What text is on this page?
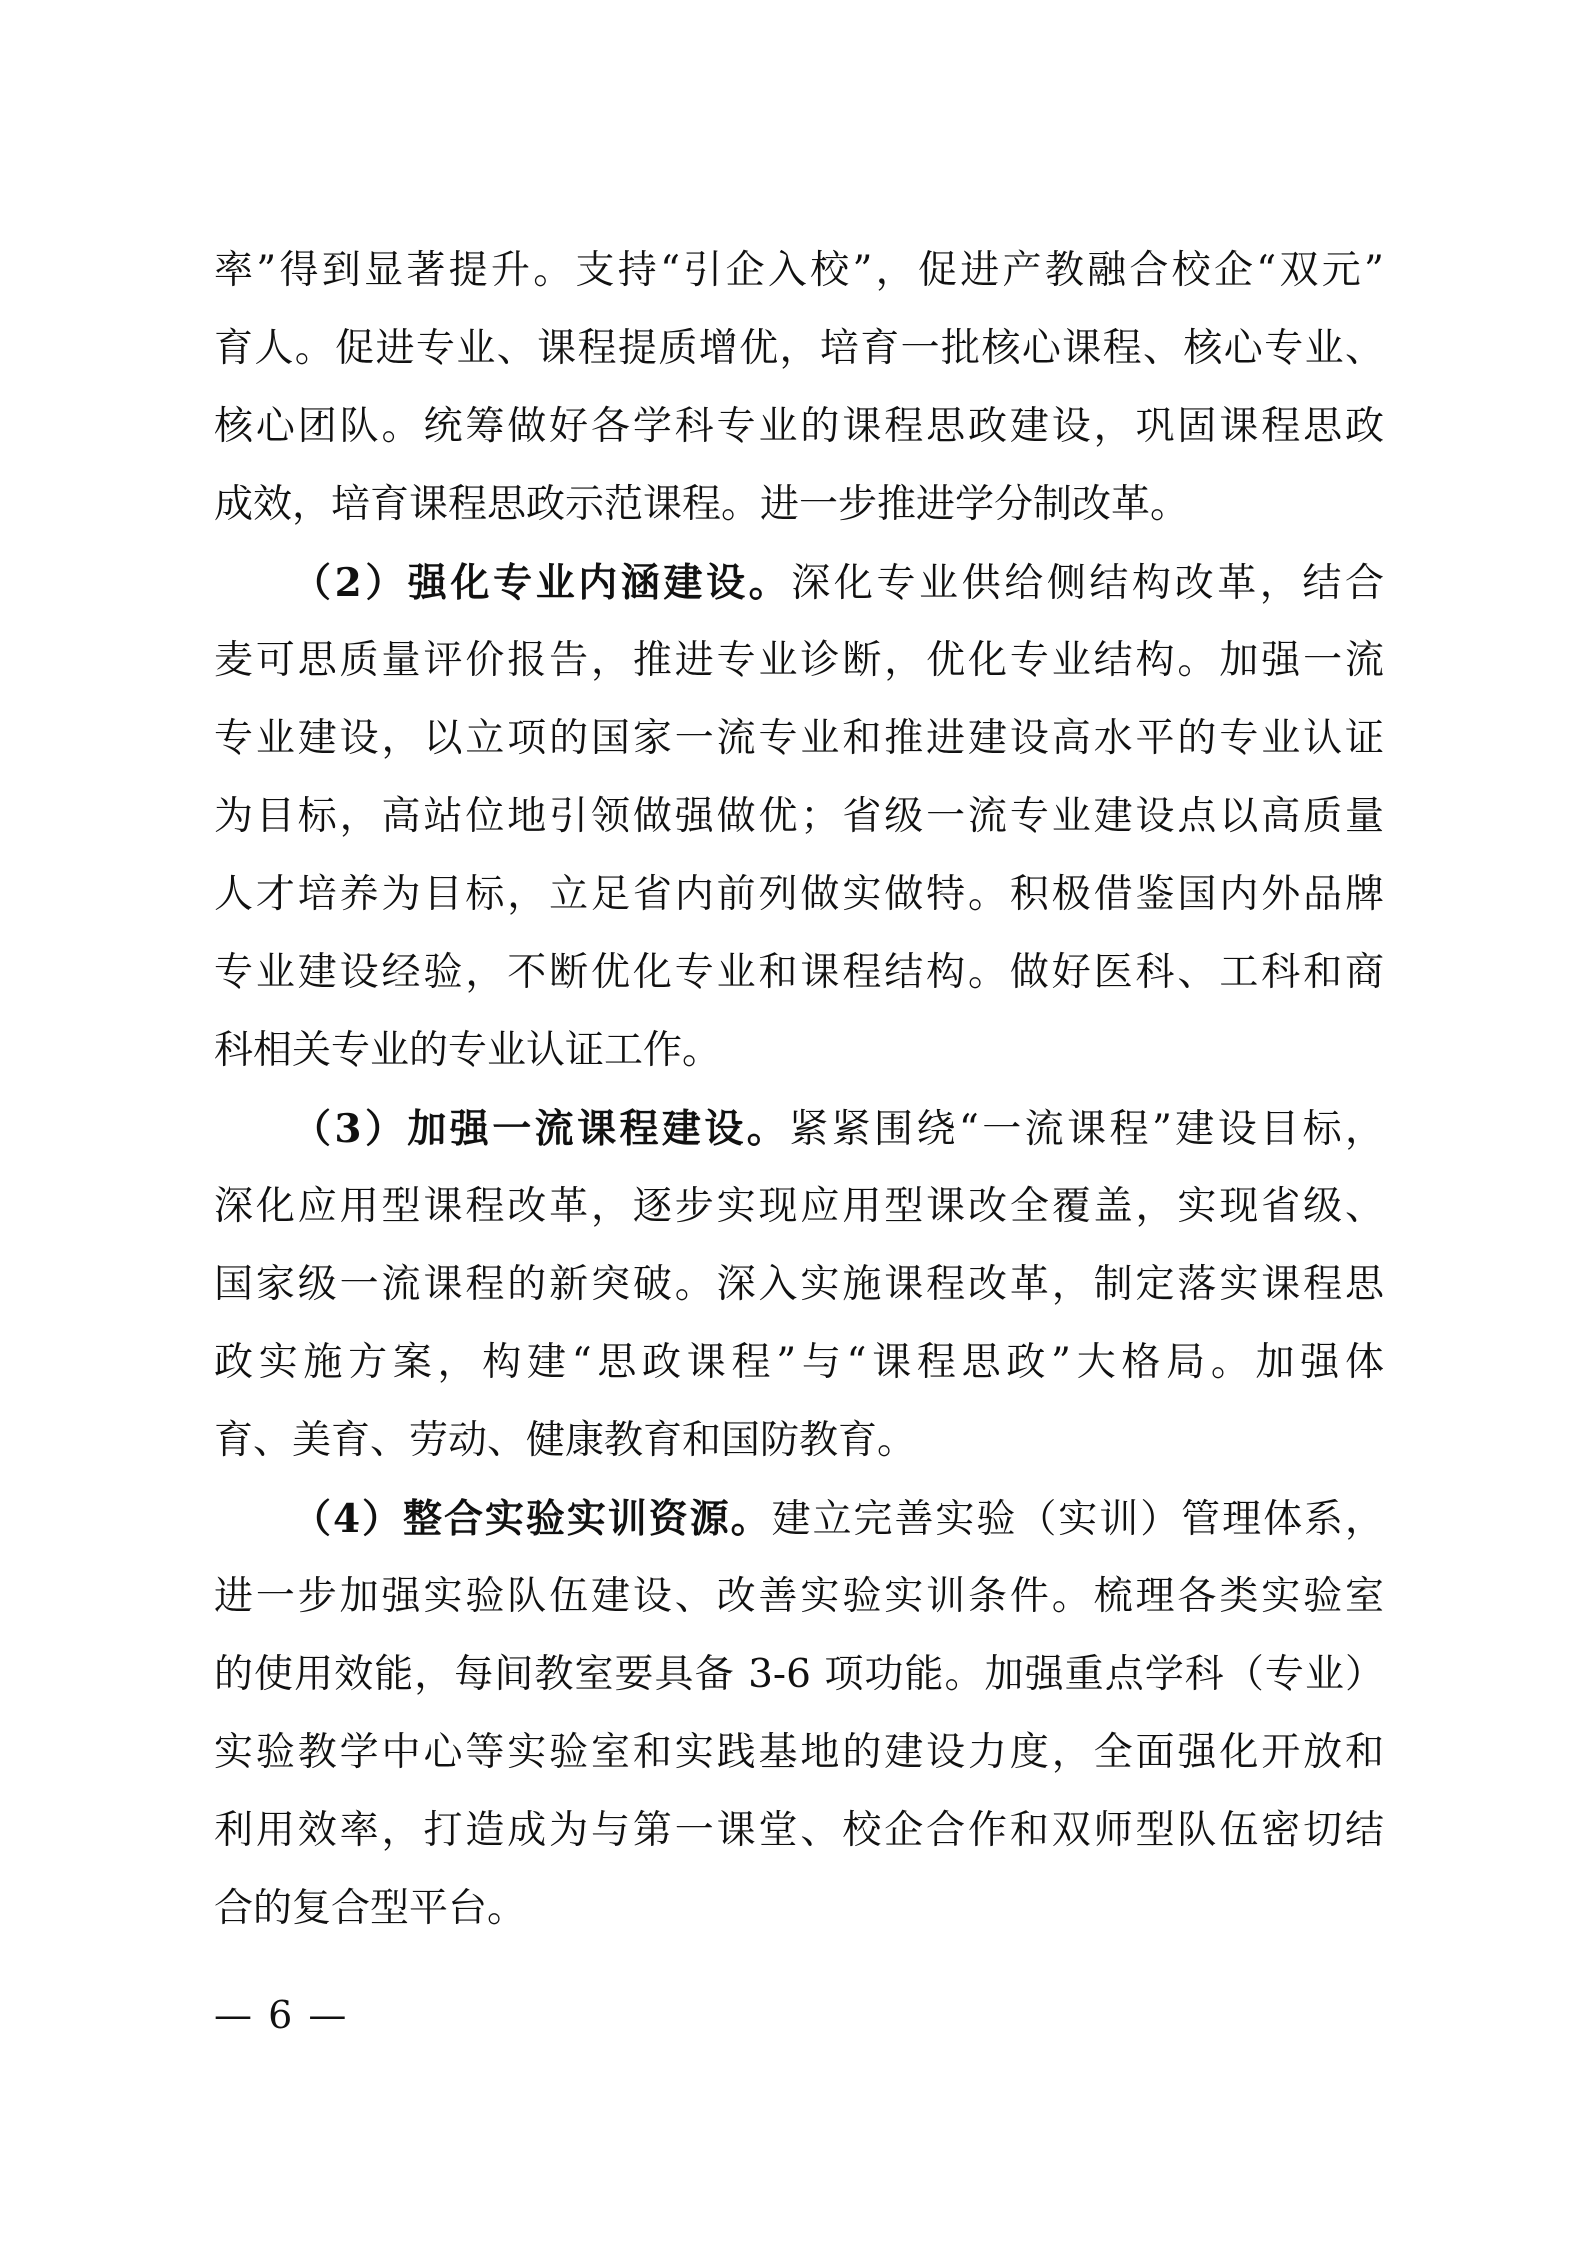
率”得到显著提升。支持“引企入校”，促进产教融合校企“双元”
育人。促进专业、课程提质增优，培育一批核心课程、核心专业、
核心团队。统筹做好各学科专业的课程思政建设，巩固课程思政
成效，培育课程思政示范课程。进一步推进学分制改革。
（2）强化专业内涵建设。深化专业供给侧结构改革，结合
麦可思质量评价报告，推进专业诊断，优化专业结构。加强一流
专业建设，以立项的国家一流专业和推进建设高水平的专业认证
为目标，高站位地引领做强做优；省级一流专业建设点以高质量
人才培养为目标，立足省内前列做实做特。积极借鉴国内外品牌
专业建设经验，不断优化专业和课程结构。做好医科、工科和商
科相关专业的专业认证工作。
（3）加强一流课程建设。紧紧围绕“一流课程”建设目标，
深化应用型课程改革，逐步实现应用型课改全覆盖，实现省级、
国家级一流课程的新突破。深入实施课程改革，制定落实课程思
政实施方案，构建“思政课程”与“课程思政”大格局。加强体
育、美育、劳动、健康教育和国防教育。
（4）整合实验实训资源。建立完善实验（实训）管理体系，
进一步加强实验队伍建设、改善实验实训条件。梳理各类实验室
的使用效能，每间教室要具备 3-6 项功能。加强重点学科（专业）
实验教学中心等实验室和实践基地的建设力度，全面强化开放和
利用效率，打造成为与第一课堂、校企合作和双师型队伍密切结
合的复合型平台。
— 6 —
